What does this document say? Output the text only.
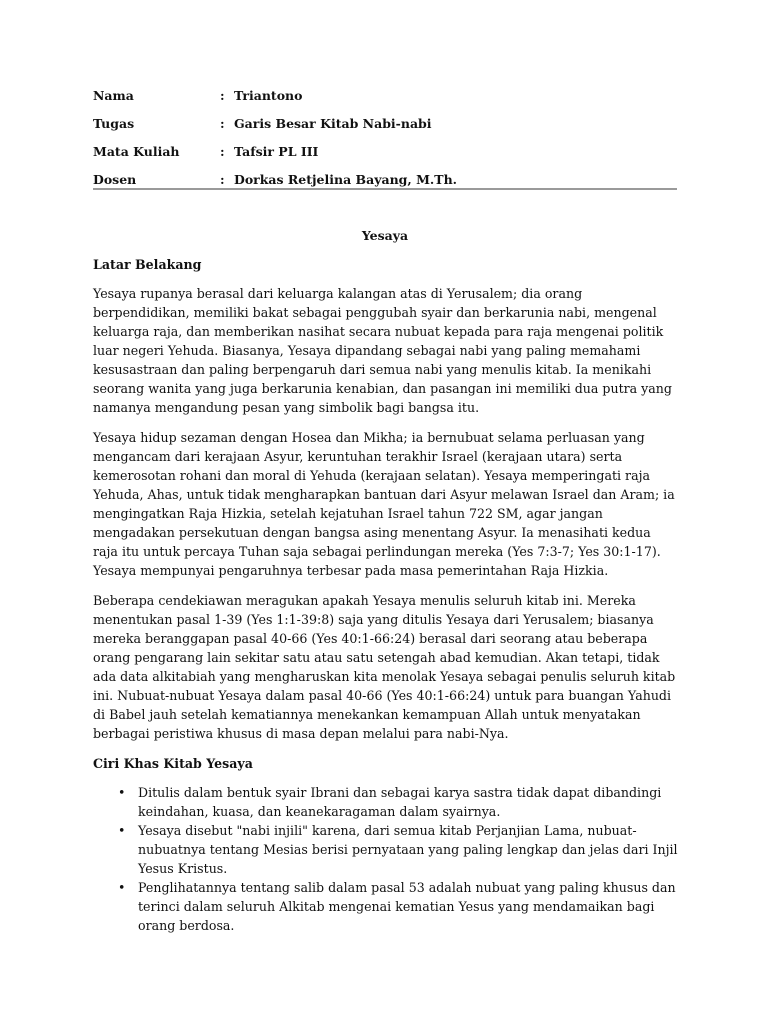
Nama	: Triantono
Tugas	: Garis Besar Kitab Nabi-nabi
Mata Kuliah	: Tafsir PL III
Dosen	: Dorkas Retjelina Bayang, M.Th.
Yesaya
Latar Belakang

Yesaya rupanya berasal dari keluarga kalangan atas di Yerusalem; dia orang berpendidikan, memiliki bakat sebagai penggubah syair dan berkarunia nabi, mengenal keluarga raja, dan memberikan nasihat secara nubuat kepada para raja mengenai politik luar negeri Yehuda. Biasanya, Yesaya dipandang sebagai nabi yang paling memahami kesusastraan dan paling berpengaruh dari semua nabi yang menulis kitab. Ia menikahi seorang wanita yang juga berkarunia kenabian, dan pasangan ini memiliki dua putra yang namanya mengandung pesan yang simbolik bagi bangsa itu.

Yesaya hidup sezaman dengan Hosea dan Mikha; ia bernubuat selama perluasan yang mengancam dari kerajaan Asyur, keruntuhan terakhir Israel (kerajaan utara) serta kemerosotan rohani dan moral di Yehuda (kerajaan selatan). Yesaya memperingati raja Yehuda, Ahas, untuk tidak mengharapkan bantuan dari Asyur melawan Israel dan Aram; ia mengingatkan Raja Hizkia, setelah kejatuhan Israel tahun 722 SM, agar jangan mengadakan persekutuan dengan bangsa asing menentang Asyur. Ia menasihati kedua raja itu untuk percaya Tuhan saja sebagai perlindungan mereka (Yes 7:3-7; Yes 30:1-17). Yesaya mempunyai pengaruhnya terbesar pada masa pemerintahan Raja Hizkia.

Beberapa cendekiawan meragukan apakah Yesaya menulis seluruh kitab ini. Mereka menentukan pasal 1-39 (Yes 1:1-39:8) saja yang ditulis Yesaya dari Yerusalem; biasanya mereka beranggapan pasal 40-66 (Yes 40:1-66:24) berasal dari seorang atau beberapa orang pengarang lain sekitar satu atau satu setengah abad kemudian. Akan tetapi, tidak ada data alkitabiah yang mengharuskan kita menolak Yesaya sebagai penulis seluruh kitab ini. Nubuat-nubuat Yesaya dalam pasal 40-66 (Yes 40:1-66:24) untuk para buangan Yahudi di Babel jauh setelah kematiannya menekankan kemampuan Allah untuk menyatakan berbagai peristiwa khusus di masa depan melalui para nabi-Nya.

Ciri Khas Kitab Yesaya
• Ditulis dalam bentuk syair Ibrani dan sebagai karya sastra tidak dapat dibandingi keindahan, kuasa, dan keanekaragaman dalam syairnya.
• Yesaya disebut "nabi injili" karena, dari semua kitab Perjanjian Lama, nubuat-nubuatnya tentang Mesias berisi pernyataan yang paling lengkap dan jelas dari Injil Yesus Kristus.
• Penglihatannya tentang salib dalam pasal 53 adalah nubuat yang paling khusus dan terinci dalam seluruh Alkitab mengenai kematian Yesus yang mendamaikan bagi orang berdosa.
